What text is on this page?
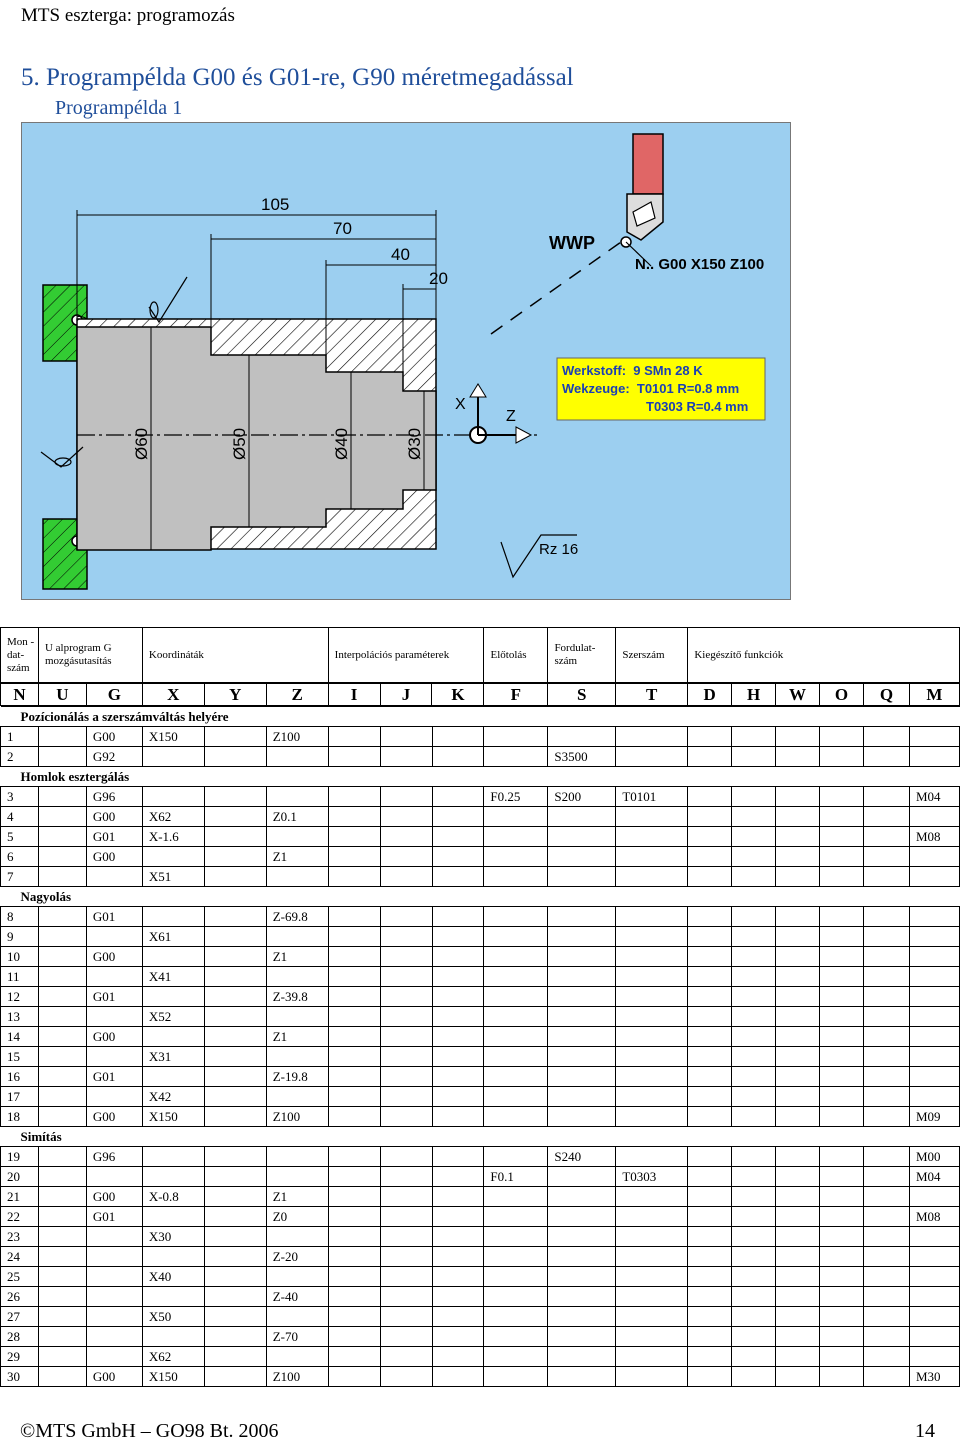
MTS eszterga: programozás
5. Programpélda G00 és G01-re, G90 méretmegadással
Programpélda 1
Ø60	Ø50	Ø40	Ø30
105
70
40
20
Rz 16
X
Z
WWP
N.. G00 X150 Z100
Werkstoff:  9 SMn 28 K
Wekzeuge:  T0101 R=0.8 mm
T0303 R=0.4 mm
Mon -dat-szám	U alprogram G mozgásutasítás	Koordináták	Interpolációs paraméterek	Előtolás	Fordulat-szám	Szerszám	Kiegészítő funkciók
N	U	G	X	Y	Z	I	J	K	F	S	T	D	H	W	O	Q	M
Pozícionálás a szerszámváltás helyére																	
1		G00	X150		Z100												
2		G92								S3500							
Homlok esztergálás																	
3		G96							F0.25	S200	T0101						M04
4		G00	X62		Z0.1												
5		G01	X-1.6														M08
6		G00			Z1												
7			X51														
Nagyolás																	
8		G01			Z-69.8												
9			X61														
10		G00			Z1												
11			X41														
12		G01			Z-39.8												
13			X52														
14		G00			Z1												
15			X31														
16		G01			Z-19.8												
17			X42														
18		G00	X150		Z100												M09
Simítás																	
19		G96								S240							M00
20									F0.1		T0303						M04
21		G00	X-0.8		Z1												
22		G01			Z0												M08
23			X30														
24					Z-20												
25			X40														
26					Z-40												
27			X50														
28					Z-70												
29			X62														
30		G00	X150		Z100												M30
©MTS GmbH – GO98 Bt. 2006	14
